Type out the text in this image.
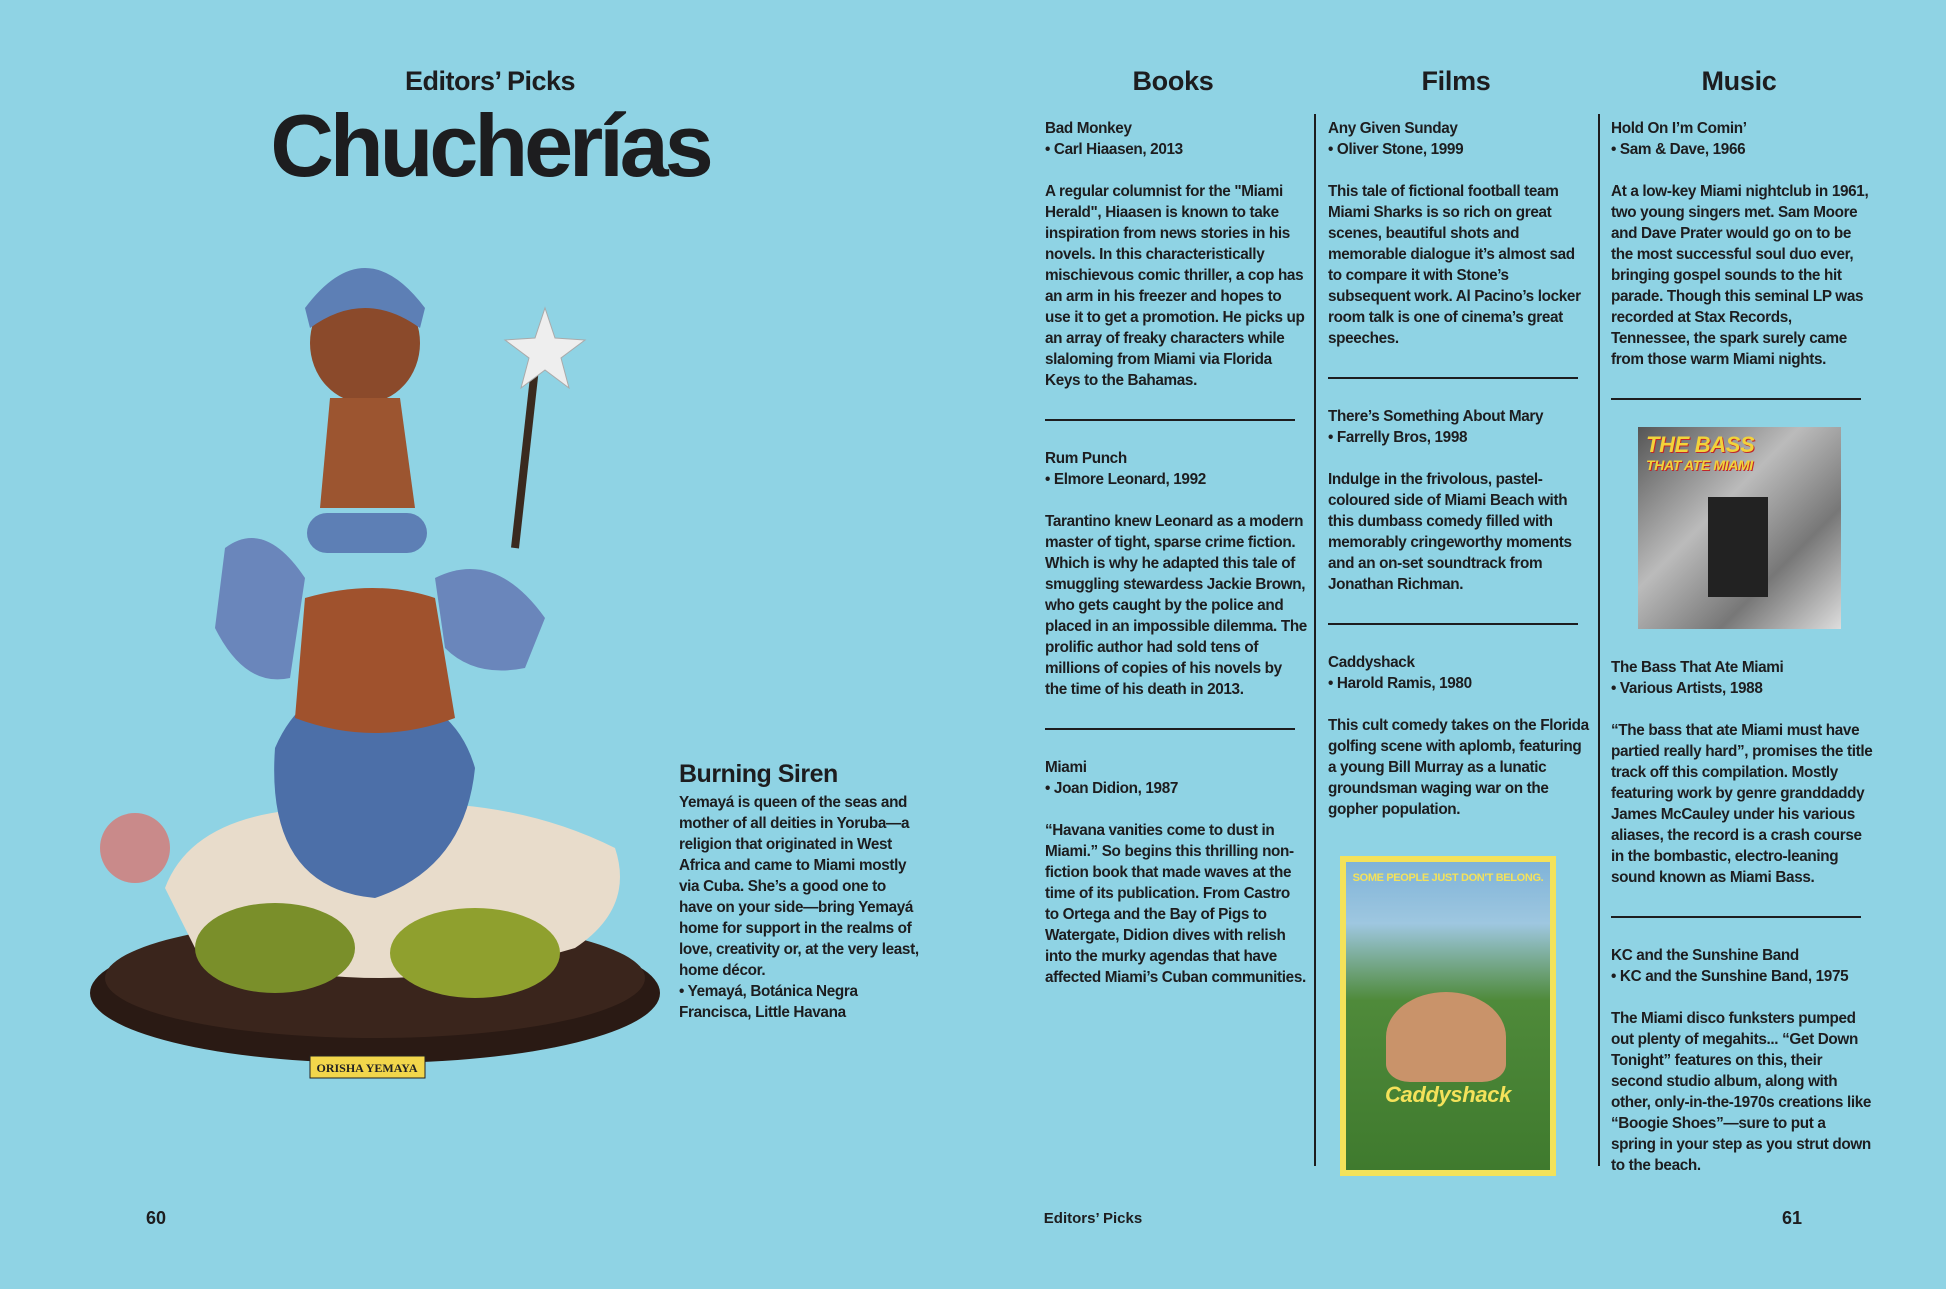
Editors’ Picks
Chucherías
ORISHA YEMAYA
Burning Siren

Yemayá is queen of the seas and mother of all deities in Yoruba—a religion that originated in West Africa and came to Miami mostly via Cuba. She’s a good one to have on your side—bring Yemayá home for support in the realms of love, creativity or, at the very least, home décor.

• Yemayá, Botánica Negra Francisca, Little Havana

Books	Films	Music

Bad Monkey

• Carl Hiaasen, 2013

A regular columnist for the "Miami Herald", Hiaasen is known to take inspiration from news stories in his novels. In this characteristically mischievous comic thriller, a cop has an arm in his freezer and hopes to use it to get a promotion. He picks up an array of freaky characters while slaloming from Miami via Florida Keys to the Bahamas.

Rum Punch

• Elmore Leonard, 1992

Tarantino knew Leonard as a modern master of tight, sparse crime fiction. Which is why he adapted this tale of smuggling stewardess Jackie Brown, who gets caught by the police and placed in an impossible dilemma. The prolific author had sold tens of millions of copies of his novels by the time of his death in 2013.

Miami

• Joan Didion, 1987

“Havana vanities come to dust in Miami.” So begins this thrilling non-fiction book that made waves at the time of its publication. From Castro to Ortega and the Bay of Pigs to Watergate, Didion dives with relish into the murky agendas that have affected Miami’s Cuban communities.

Any Given Sunday

• Oliver Stone, 1999

This tale of fictional football team Miami Sharks is so rich on great scenes, beautiful shots and memorable dialogue it’s almost sad to compare it with Stone’s subsequent work. Al Pacino’s locker room talk is one of cinema’s great speeches.

There’s Something About Mary

• Farrelly Bros, 1998

Indulge in the frivolous, pastel-coloured side of Miami Beach with this dumbass comedy filled with memorably cringeworthy moments and an on-set soundtrack from Jonathan Richman.

Caddyshack

• Harold Ramis, 1980

This cult comedy takes on the Florida golfing scene with aplomb, featuring a young Bill Murray as a lunatic groundsman waging war on the gopher population.

SOME PEOPLE JUST DON'T BELONG.
Caddyshack

Hold On I’m Comin’

• Sam & Dave, 1966

At a low-key Miami nightclub in 1961, two young singers met. Sam Moore and Dave Prater would go on to be the most successful soul duo ever, bringing gospel sounds to the hit parade. Though this seminal LP was recorded at Stax Records, Tennessee, the spark surely came from those warm Miami nights.

THE BASS
THAT ATE MIAMI

The Bass That Ate Miami

• Various Artists, 1988

“The bass that ate Miami must have partied really hard”, promises the title track off this compilation. Mostly featuring work by genre granddaddy James McCauley under his various aliases, the record is a crash course in the bombastic, electro-leaning sound known as Miami Bass.

KC and the Sunshine Band

• KC and the Sunshine Band, 1975

The Miami disco funksters pumped out plenty of megahits... “Get Down Tonight” features on this, their second studio album, along with other, only-in-the-1970s creations like “Boogie Shoes”—sure to put a spring in your step as you strut down to the beach.

60	Editors’ Picks	61
